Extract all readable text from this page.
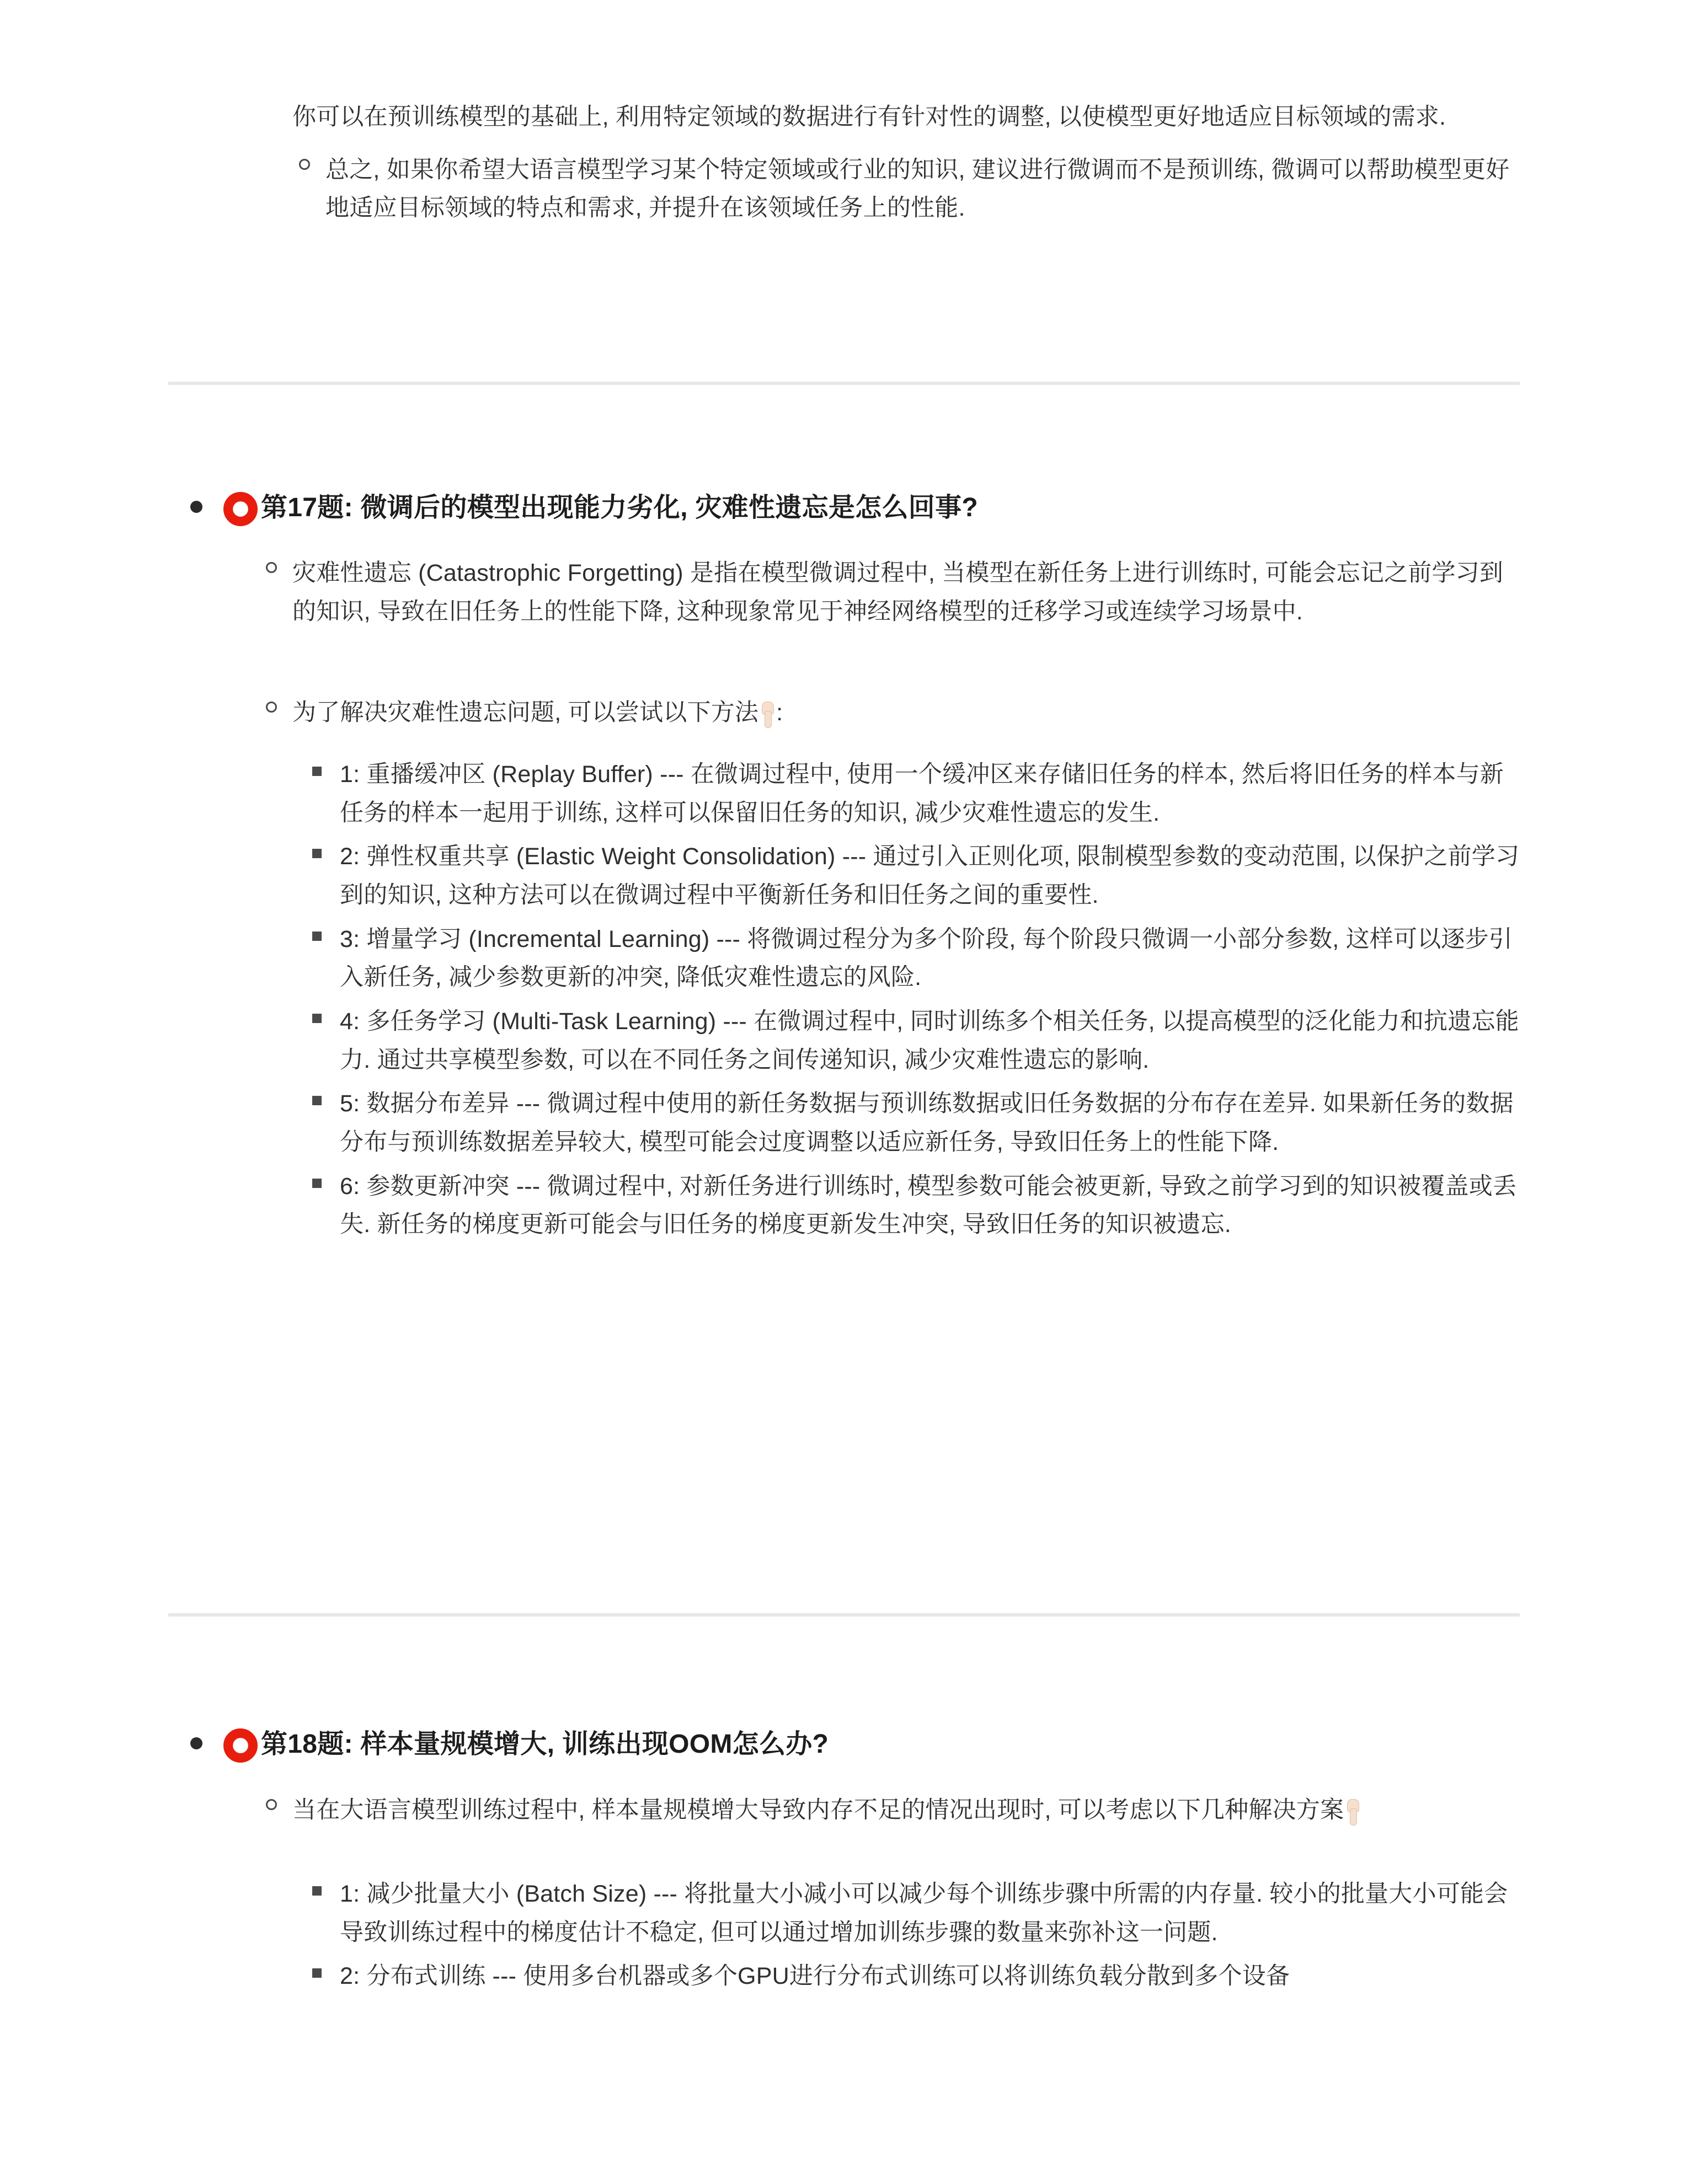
你可以在预训练模型的基础上, 利用特定领域的数据进行有针对性的调整, 以使模型更好地适应目标领域的需求.

总之, 如果你希望大语言模型学习某个特定领域或行业的知识, 建议进行微调而不是预训练, 微调可以帮助模型更好地适应目标领域的特点和需求, 并提升在该领域任务上的性能.

第17题: 微调后的模型出现能力劣化, 灾难性遗忘是怎么回事?

灾难性遗忘 (Catastrophic Forgetting) 是指在模型微调过程中, 当模型在新任务上进行训练时, 可能会忘记之前学习到的知识, 导致在旧任务上的性能下降, 这种现象常见于神经网络模型的迁移学习或连续学习场景中.

为了解决灾难性遗忘问题, 可以尝试以下方法 :

1: 重播缓冲区 (Replay Buffer) --- 在微调过程中, 使用一个缓冲区来存储旧任务的样本, 然后将旧任务的样本与新任务的样本一起用于训练, 这样可以保留旧任务的知识, 减少灾难性遗忘的发生.

2: 弹性权重共享 (Elastic Weight Consolidation) --- 通过引入正则化项, 限制模型参数的变动范围, 以保护之前学习到的知识, 这种方法可以在微调过程中平衡新任务和旧任务之间的重要性.

3: 增量学习 (Incremental Learning) --- 将微调过程分为多个阶段, 每个阶段只微调一小部分参数, 这样可以逐步引入新任务, 减少参数更新的冲突, 降低灾难性遗忘的风险.

4: 多任务学习 (Multi-Task Learning) --- 在微调过程中, 同时训练多个相关任务, 以提高模型的泛化能力和抗遗忘能力. 通过共享模型参数, 可以在不同任务之间传递知识, 减少灾难性遗忘的影响.

5: 数据分布差异 --- 微调过程中使用的新任务数据与预训练数据或旧任务数据的分布存在差异. 如果新任务的数据分布与预训练数据差异较大, 模型可能会过度调整以适应新任务, 导致旧任务上的性能下降.

6: 参数更新冲突 --- 微调过程中, 对新任务进行训练时, 模型参数可能会被更新, 导致之前学习到的知识被覆盖或丢失. 新任务的梯度更新可能会与旧任务的梯度更新发生冲突, 导致旧任务的知识被遗忘.

第18题: 样本量规模增大, 训练出现OOM怎么办?

当在大语言模型训练过程中, 样本量规模增大导致内存不足的情况出现时, 可以考虑以下几种解决方案

1: 减少批量大小 (Batch Size) --- 将批量大小减小可以减少每个训练步骤中所需的内存量. 较小的批量大小可能会导致训练过程中的梯度估计不稳定, 但可以通过增加训练步骤的数量来弥补这一问题.

2: 分布式训练 --- 使用多台机器或多个GPU进行分布式训练可以将训练负载分散到多个设备
